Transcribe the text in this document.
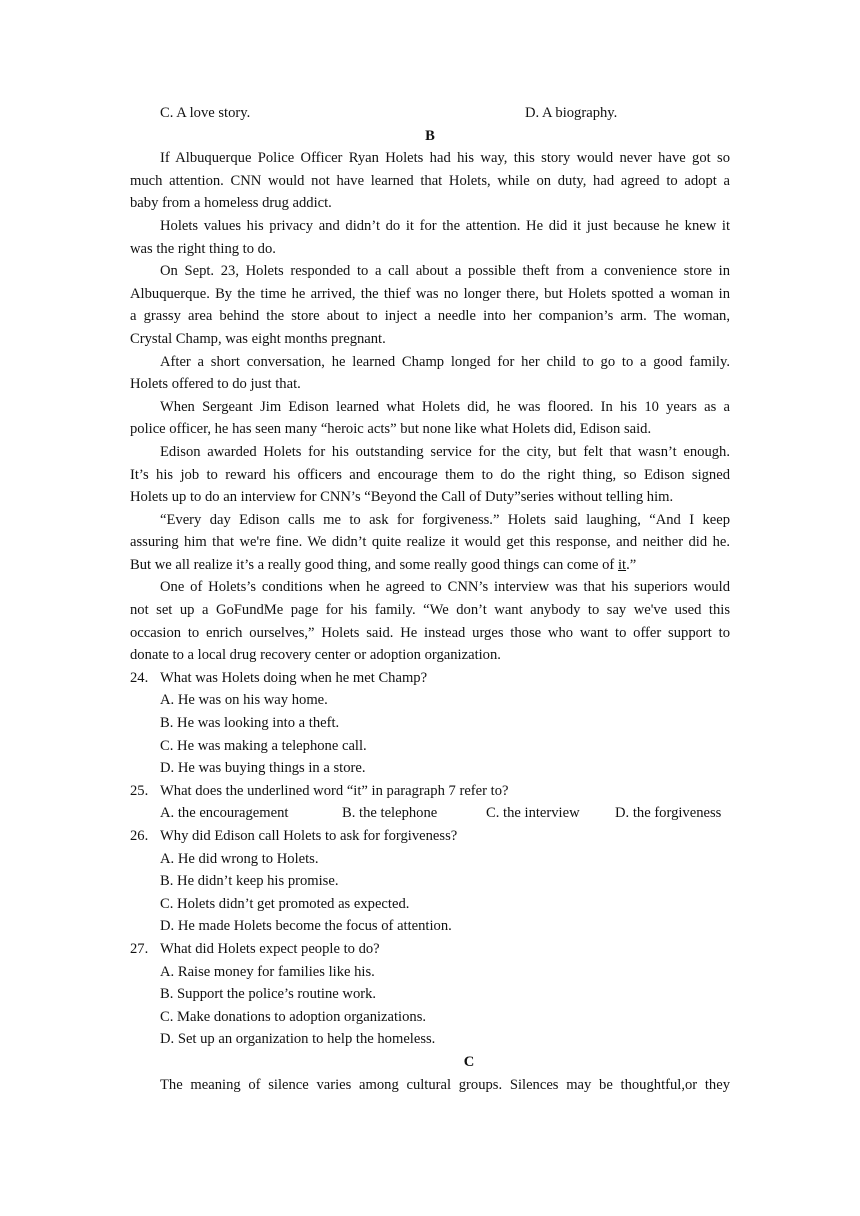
C. A love story.	D. A biography.
B
If Albuquerque Police Officer Ryan Holets had his way, this story would never have got so
much attention. CNN would not have learned that Holets, while on duty, had agreed to adopt a
baby from a homeless drug addict.
Holets values his privacy and didn’t do it for the attention. He did it just because he knew it
was the right thing to do.
On Sept. 23, Holets responded to a call about a possible theft from a convenience store in
Albuquerque. By the time he arrived, the thief was no longer there, but Holets spotted a woman in
a grassy area behind the store about to inject a needle into her companion’s arm. The woman,
Crystal Champ, was eight months pregnant.
After a short conversation, he learned Champ longed for her child to go to a good family.
Holets offered to do just that.
When Sergeant Jim Edison learned what Holets did, he was floored. In his 10 years as a
police officer, he has seen many “heroic acts” but none like what Holets did, Edison said.
Edison awarded Holets for his outstanding service for the city, but felt that wasn’t enough.
It’s his job to reward his officers and encourage them to do the right thing, so Edison signed
Holets up to do an interview for CNN’s “Beyond the Call of Duty”series without telling him.
“Every day Edison calls me to ask for forgiveness.” Holets said laughing, “And I keep
assuring him that we're fine. We didn’t quite realize it would get this response, and neither did he.
But we all realize it’s a really good thing, and some really good things can come of it.”
One of Holets’s conditions when he agreed to CNN’s interview was that his superiors would
not set up a GoFundMe page for his family. “We don’t want anybody to say we've used this
occasion to enrich ourselves,” Holets said. He instead urges those who want to offer support to
donate to a local drug recovery center or adoption organization.
24. What was Holets doing when he met Champ?
A. He was on his way home.
B. He was looking into a theft.
C. He was making a telephone call.
D. He was buying things in a store.
25. What does the underlined word “it” in paragraph 7 refer to?
A. the encouragement	B. the telephone	C. the interview D. the forgiveness
26. Why did Edison call Holets to ask for forgiveness?
A. He did wrong to Holets.
B. He didn’t keep his promise.
C. Holets didn’t get promoted as expected.
D. He made Holets become the focus of attention.
27. What did Holets expect people to do?
A. Raise money for families like his.
B. Support the police’s routine work.
C. Make donations to adoption organizations.
D. Set up an organization to help the homeless.
C
The meaning of silence varies among cultural groups. Silences may be thoughtful,or they
